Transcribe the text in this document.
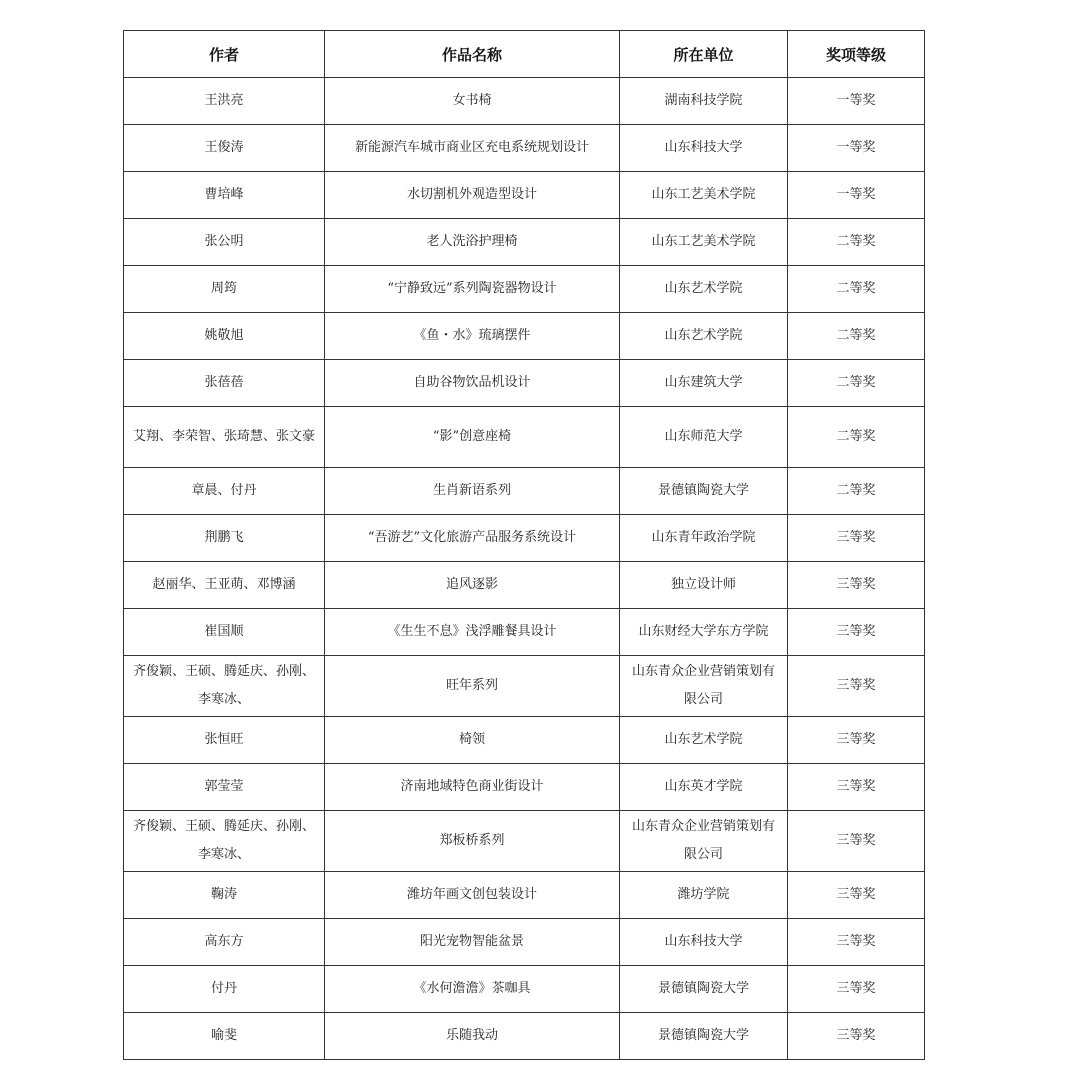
作者	作品名称	所在单位	奖项等级
王洪亮	女书椅	湖南科技学院	一等奖
王俊涛	新能源汽车城市商业区充电系统规划设计	山东科技大学	一等奖
曹培峰	水切割机外观造型设计	山东工艺美术学院	一等奖
张公明	老人洗浴护理椅	山东工艺美术学院	二等奖
周筠	“宁静致远”系列陶瓷器物设计	山东艺术学院	二等奖
姚敬旭	《鱼・水》琉璃摆件	山东艺术学院	二等奖
张蓓蓓	自助谷物饮品机设计	山东建筑大学	二等奖
艾翔、李荣智、张琦慧、张文豪	“影”创意座椅	山东师范大学	二等奖
章晨、付丹	生肖新语系列	景德镇陶瓷大学	二等奖
荆鹏飞	“吾游艺”文化旅游产品服务系统设计	山东青年政治学院	三等奖
赵丽华、王亚萌、邓博涵	追风逐影	独立设计师	三等奖
崔国顺	《生生不息》浅浮雕餐具设计	山东财经大学东方学院	三等奖
齐俊颖、王硕、腾延庆、孙刚、李寒冰、	旺年系列	山东青众企业营销策划有限公司	三等奖
张恒旺	椅领	山东艺术学院	三等奖
郭莹莹	济南地域特色商业街设计	山东英才学院	三等奖
齐俊颖、王硕、腾延庆、孙刚、李寒冰、	郑板桥系列	山东青众企业营销策划有限公司	三等奖
鞠涛	潍坊年画文创包装设计	潍坊学院	三等奖
高东方	阳光宠物智能盆景	山东科技大学	三等奖
付丹	《水何澹澹》茶咖具	景德镇陶瓷大学	三等奖
喻斐	乐随我动	景德镇陶瓷大学	三等奖
